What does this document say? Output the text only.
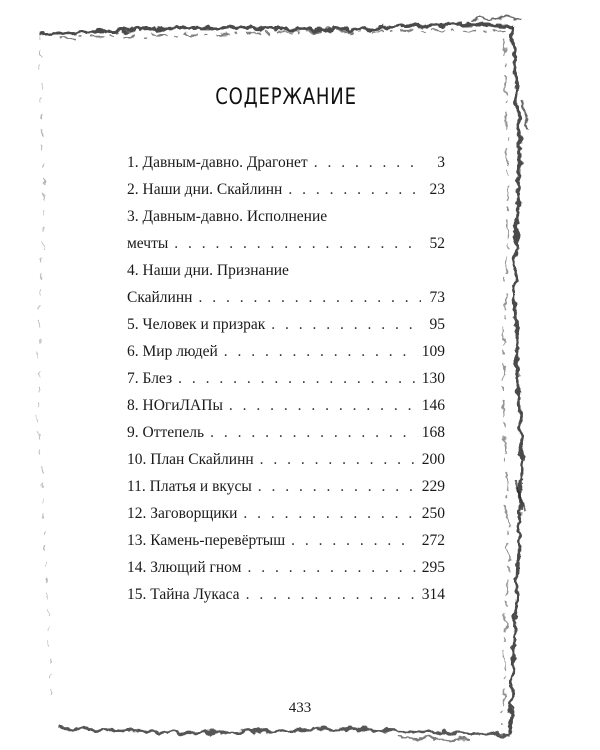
СОДЕРЖАНИЕ
1. Давным-давно. Драгонет . . .	3
2. Наши дни. Скайлинн . . .	23
3. Давным-давно. Исполнение
мечты . . .	52
4. Наши дни. Признание
Скайлинн . . .	73
5. Человек и призрак . . .	95
6. Мир людей . . .	109
7. Блез . . .	130
8. НОгиЛАПы . . .	146
9. Оттепель . . .	168
10. План Скайлинн . . .	200
11. Платья и вкусы . . .	229
12. Заговорщики . . .	250
13. Камень-перевёртыш . . .	272
14. Злющий гном . . .	295
15. Тайна Лукаса . . .	314
433
